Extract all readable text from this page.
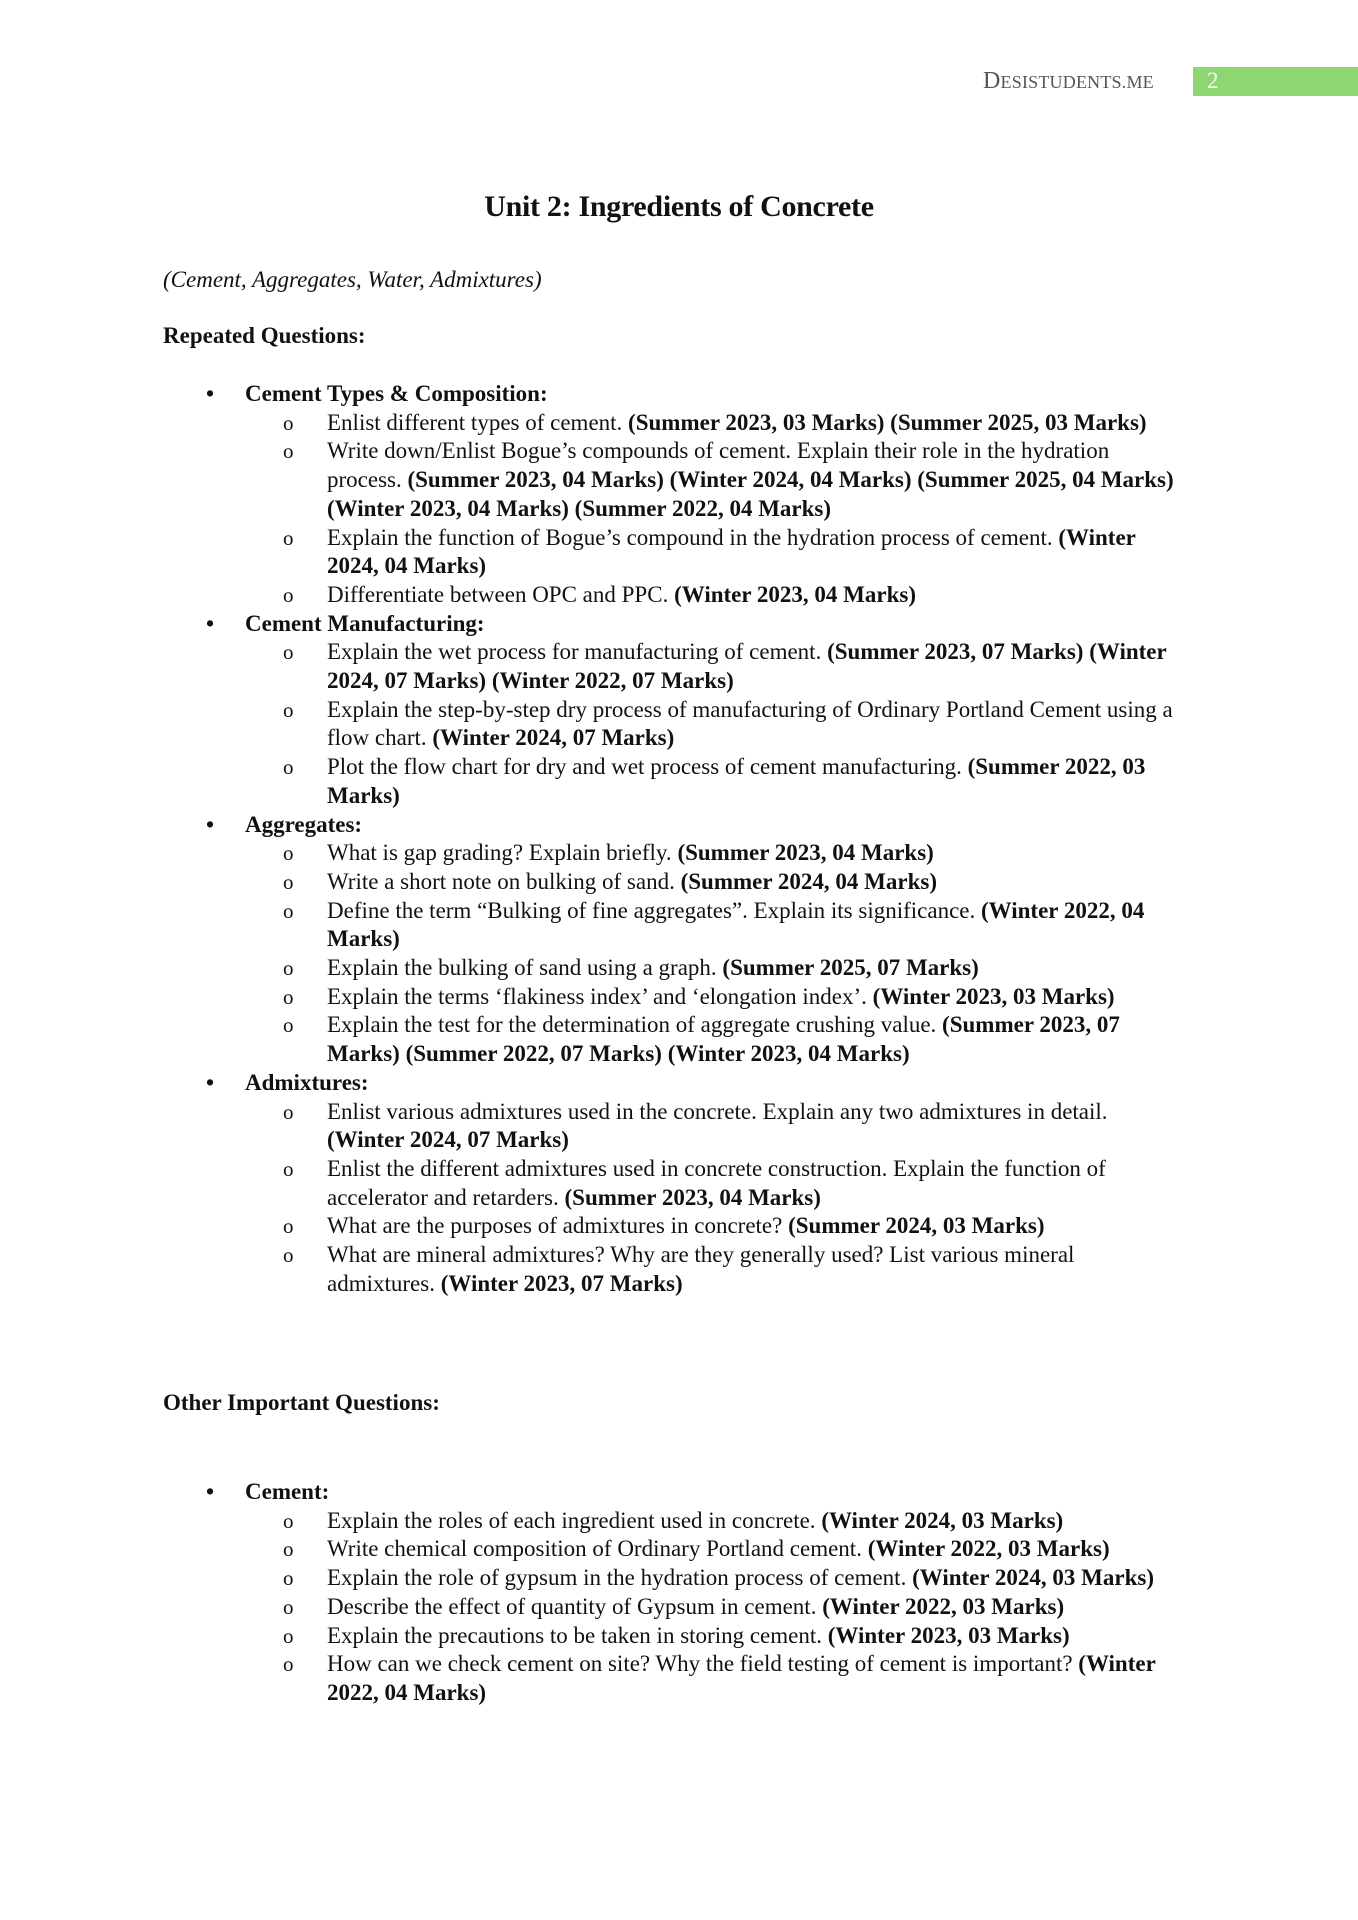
DESISTUDENTS.ME 2
Unit 2: Ingredients of Concrete
(Cement, Aggregates, Water, Admixtures)
Repeated Questions:
• Cement Types & Composition:
o Enlist different types of cement. (Summer 2023, 03 Marks) (Summer 2025, 03 Marks)
o Write down/Enlist Bogue’s compounds of cement. Explain their role in the hydration process. (Summer 2023, 04 Marks) (Winter 2024, 04 Marks) (Summer 2025, 04 Marks) (Winter 2023, 04 Marks) (Summer 2022, 04 Marks)
o Explain the function of Bogue’s compound in the hydration process of cement. (Winter 2024, 04 Marks)
o Differentiate between OPC and PPC. (Winter 2023, 04 Marks)
• Cement Manufacturing:
o Explain the wet process for manufacturing of cement. (Summer 2023, 07 Marks) (Winter 2024, 07 Marks) (Winter 2022, 07 Marks)
o Explain the step-by-step dry process of manufacturing of Ordinary Portland Cement using a flow chart. (Winter 2024, 07 Marks)
o Plot the flow chart for dry and wet process of cement manufacturing. (Summer 2022, 03 Marks)
• Aggregates:
o What is gap grading? Explain briefly. (Summer 2023, 04 Marks)
o Write a short note on bulking of sand. (Summer 2024, 04 Marks)
o Define the term “Bulking of fine aggregates”. Explain its significance. (Winter 2022, 04 Marks)
o Explain the bulking of sand using a graph. (Summer 2025, 07 Marks)
o Explain the terms ‘flakiness index’ and ‘elongation index’. (Winter 2023, 03 Marks)
o Explain the test for the determination of aggregate crushing value. (Summer 2023, 07 Marks) (Summer 2022, 07 Marks) (Winter 2023, 04 Marks)
• Admixtures:
o Enlist various admixtures used in the concrete. Explain any two admixtures in detail. (Winter 2024, 07 Marks)
o Enlist the different admixtures used in concrete construction. Explain the function of accelerator and retarders. (Summer 2023, 04 Marks)
o What are the purposes of admixtures in concrete? (Summer 2024, 03 Marks)
o What are mineral admixtures? Why are they generally used? List various mineral admixtures. (Winter 2023, 07 Marks)
Other Important Questions:
• Cement:
o Explain the roles of each ingredient used in concrete. (Winter 2024, 03 Marks)
o Write chemical composition of Ordinary Portland cement. (Winter 2022, 03 Marks)
o Explain the role of gypsum in the hydration process of cement. (Winter 2024, 03 Marks)
o Describe the effect of quantity of Gypsum in cement. (Winter 2022, 03 Marks)
o Explain the precautions to be taken in storing cement. (Winter 2023, 03 Marks)
o How can we check cement on site? Why the field testing of cement is important? (Winter 2022, 04 Marks)
